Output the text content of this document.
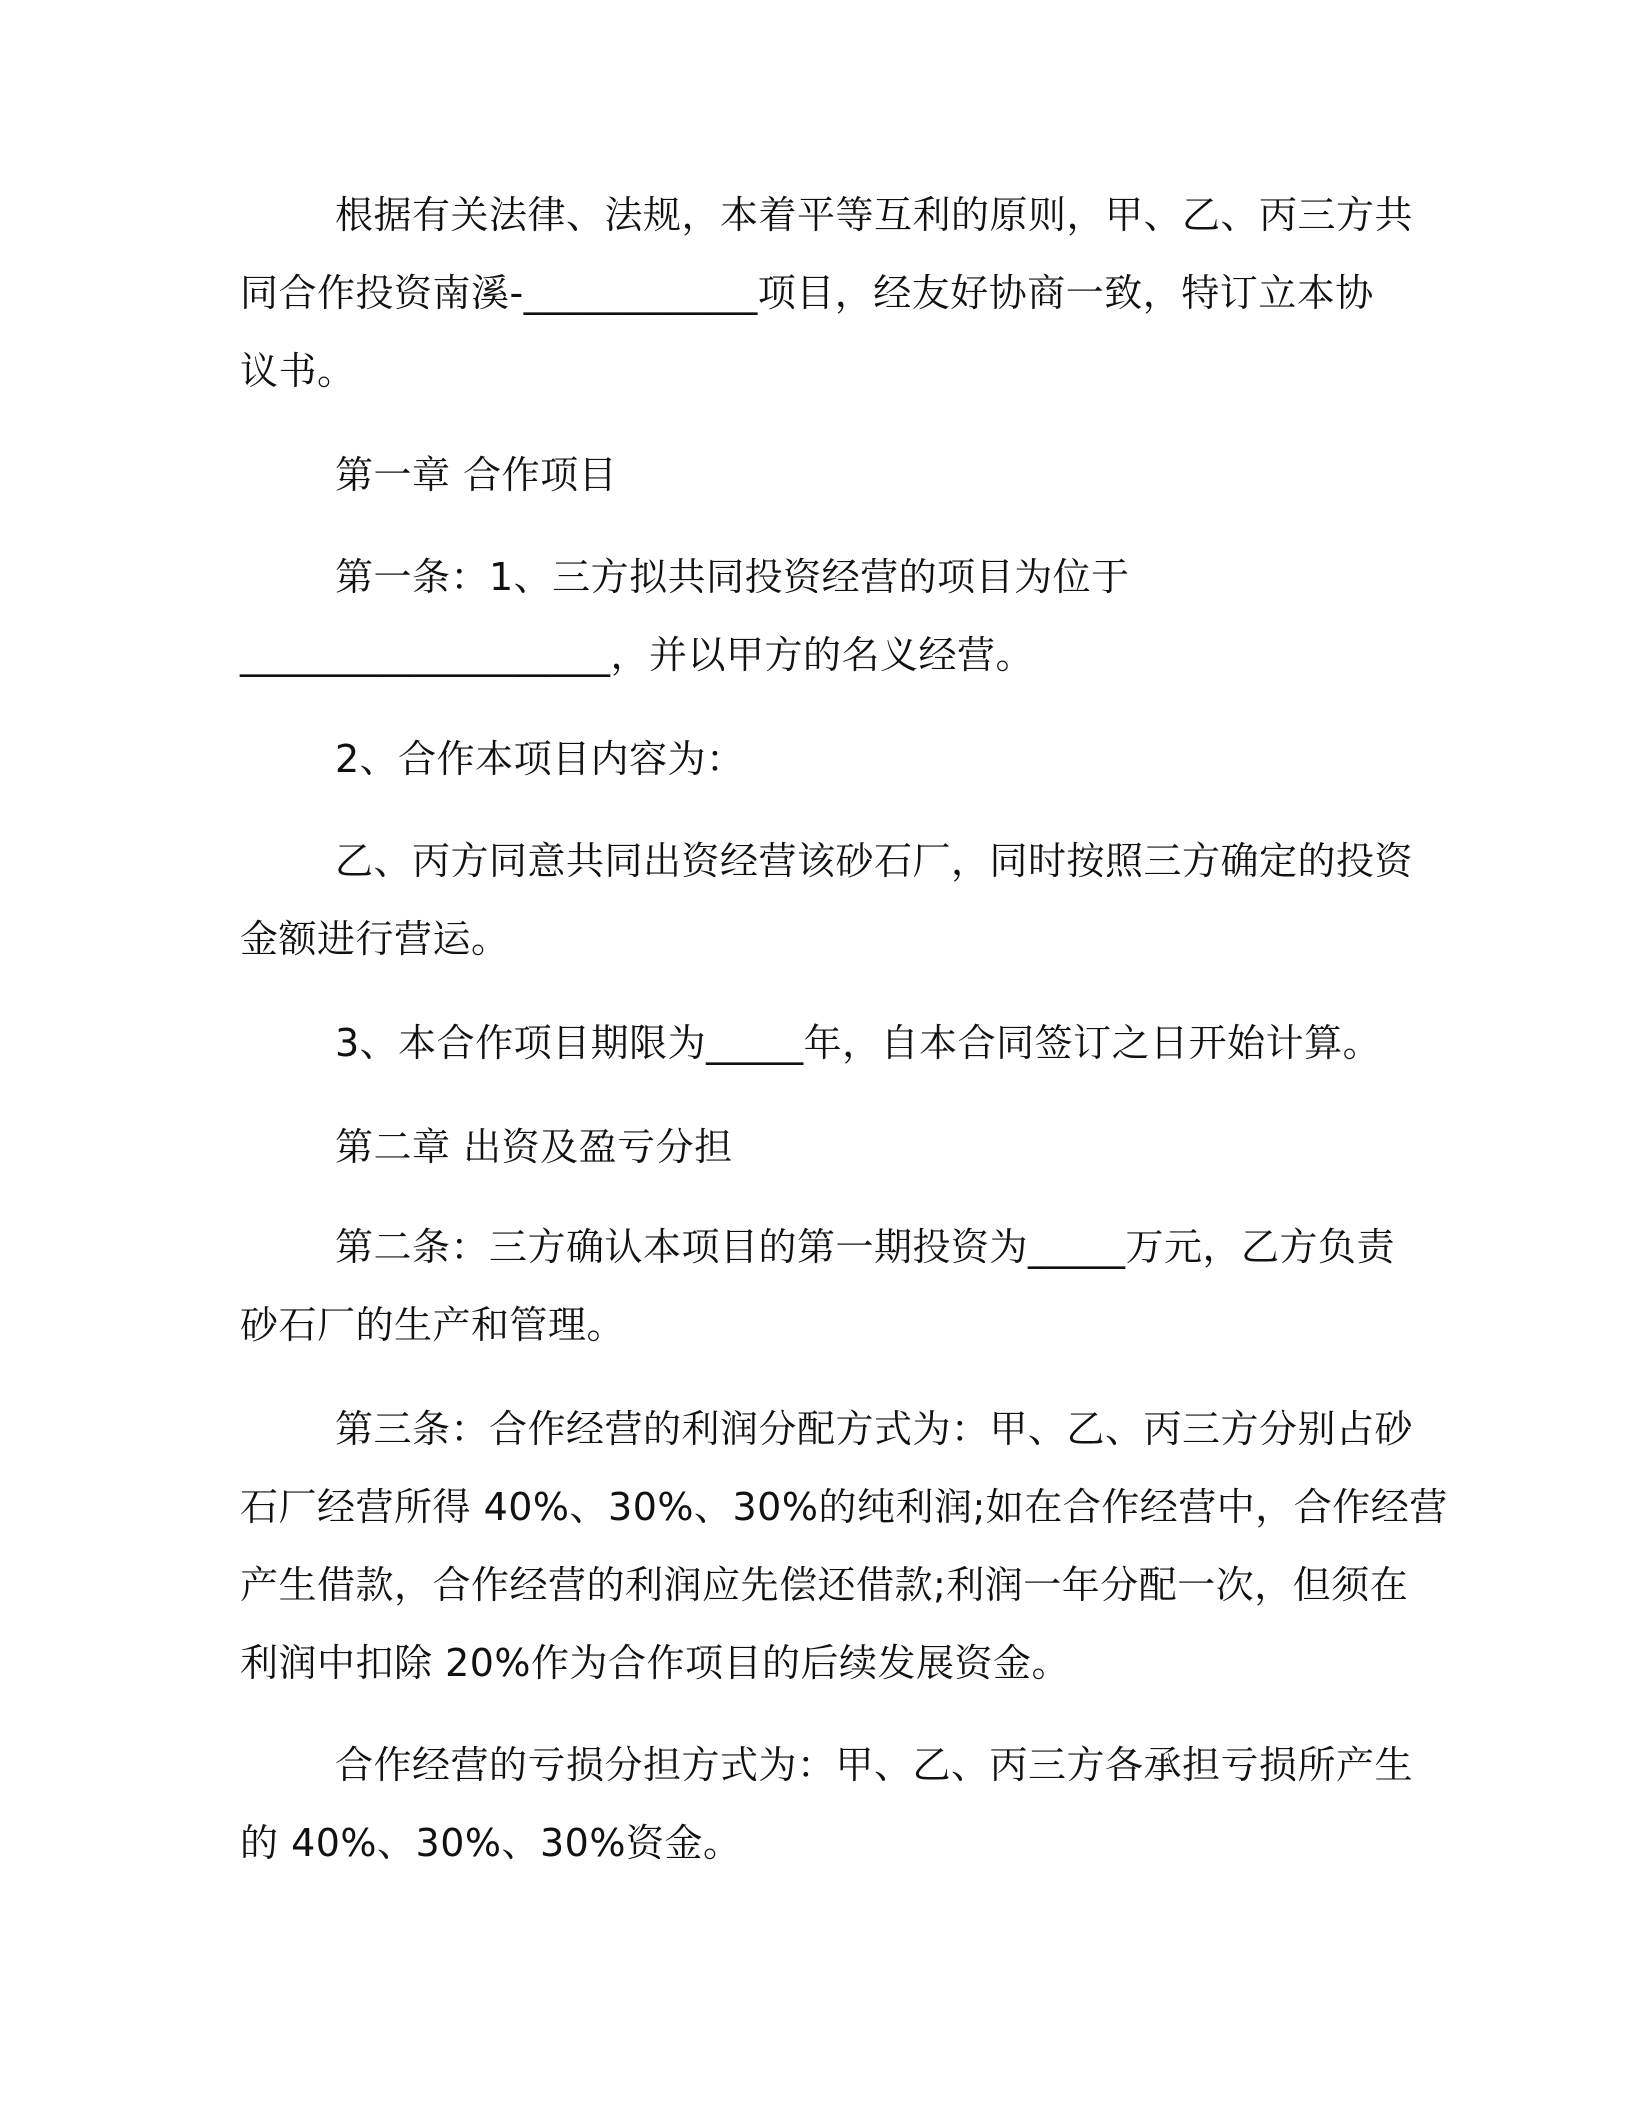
根据有关法律、法规，本着平等互利的原则，甲、乙、丙三方共
同合作投资南溪-____________项目，经友好协商一致，特订立本协
议书。
第一章 合作项目
第一条：1、三方拟共同投资经营的项目为位于
___________________，并以甲方的名义经营。
2、合作本项目内容为：
乙、丙方同意共同出资经营该砂石厂，同时按照三方确定的投资
金额进行营运。
3、本合作项目期限为_____年，自本合同签订之日开始计算。
第二章 出资及盈亏分担
第二条：三方确认本项目的第一期投资为_____万元，乙方负责
砂石厂的生产和管理。
第三条：合作经营的利润分配方式为：甲、乙、丙三方分别占砂
石厂经营所得 40%、30%、30%的纯利润;如在合作经营中，合作经营
产生借款，合作经营的利润应先偿还借款;利润一年分配一次，但须在
利润中扣除 20%作为合作项目的后续发展资金。
合作经营的亏损分担方式为：甲、乙、丙三方各承担亏损所产生
的 40%、30%、30%资金。
